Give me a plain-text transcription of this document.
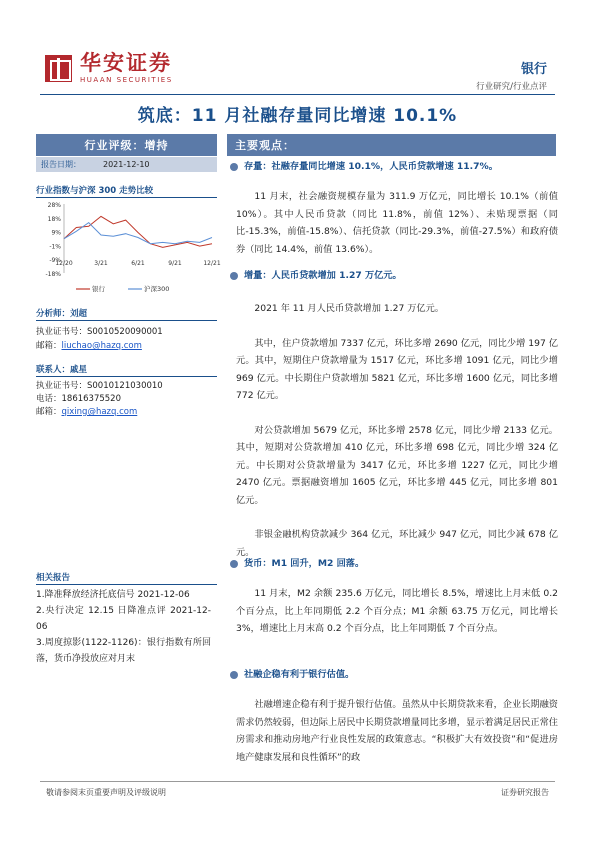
华安证券
HUAAN SECURITIES
银行
行业研究/行业点评
筑底：11 月社融存量同比增速 10.1%
行业评级：增持
报告日期：	2021-12-10
行业指数与沪深 300 走势比较
28%
18%
9%
-1%
-9%
-18%
12/20	3/21	6/21	9/21	12/21
银行	沪深300
分析师：刘超
执业证书号：S0010520090001
邮箱：liuchao@hazq.com
联系人：戚星
执业证书号：S0010121030010
电话：18616375520
邮箱：qixing@hazq.com
相关报告
1.降准释放经济托底信号 2021-12-06
2.央行决定 12.15 日降准点评 2021-12-06
3.周度掠影(1122-1126)：银行指数有所回落，货币净投放应对月末
主要观点：
存量：社融存量同比增速 10.1%，人民币贷款增速 11.7%。
11 月末，社会融资规模存量为 311.9 万亿元，同比增长 10.1%（前值 10%）。其中人民币贷款（同比 11.8%，前值 12%）、未贴现票据（同比-15.3%，前值-15.8%）、信托贷款（同比-29.3%，前值-27.5%）和政府债券（同比 14.4%，前值 13.6%）。
增量：人民币贷款增加 1.27 万亿元。
2021 年 11 月人民币贷款增加 1.27 万亿元。
其中，住户贷款增加 7337 亿元，环比多增 2690 亿元，同比少增 197 亿元。其中，短期住户贷款增量为 1517 亿元，环比多增 1091 亿元，同比少增 969 亿元。中长期住户贷款增加 5821 亿元，环比多增 1600 亿元，同比多增 772 亿元。
对公贷款增加 5679 亿元，环比多增 2578 亿元，同比少增 2133 亿元。其中，短期对公贷款增加 410 亿元，环比多增 698 亿元，同比少增 324 亿元。中长期对公贷款增量为 3417 亿元，环比多增 1227 亿元，同比少增 2470 亿元。票据融资增加 1605 亿元，环比多增 445 亿元，同比多增 801 亿元。
非银金融机构贷款减少 364 亿元，环比减少 947 亿元，同比少减 678 亿元。
货币：M1 回升，M2 回落。
11 月末，M2 余额 235.6 万亿元，同比增长 8.5%，增速比上月末低 0.2 个百分点，比上年同期低 2.2 个百分点；M1 余额 63.75 万亿元，同比增长 3%，增速比上月末高 0.2 个百分点，比上年同期低 7 个百分点。
社融企稳有利于银行估值。
社融增速企稳有利于提升银行估值。虽然从中长期贷款来看，企业长期融资需求仍然较弱，但边际上居民中长期贷款增量同比多增，显示着满足居民正常住房需求和推动房地产行业良性发展的政策意志。“积极扩大有效投资”和“促进房地产健康发展和良性循环”的政
敬请参阅末页重要声明及评级说明	证券研究报告
